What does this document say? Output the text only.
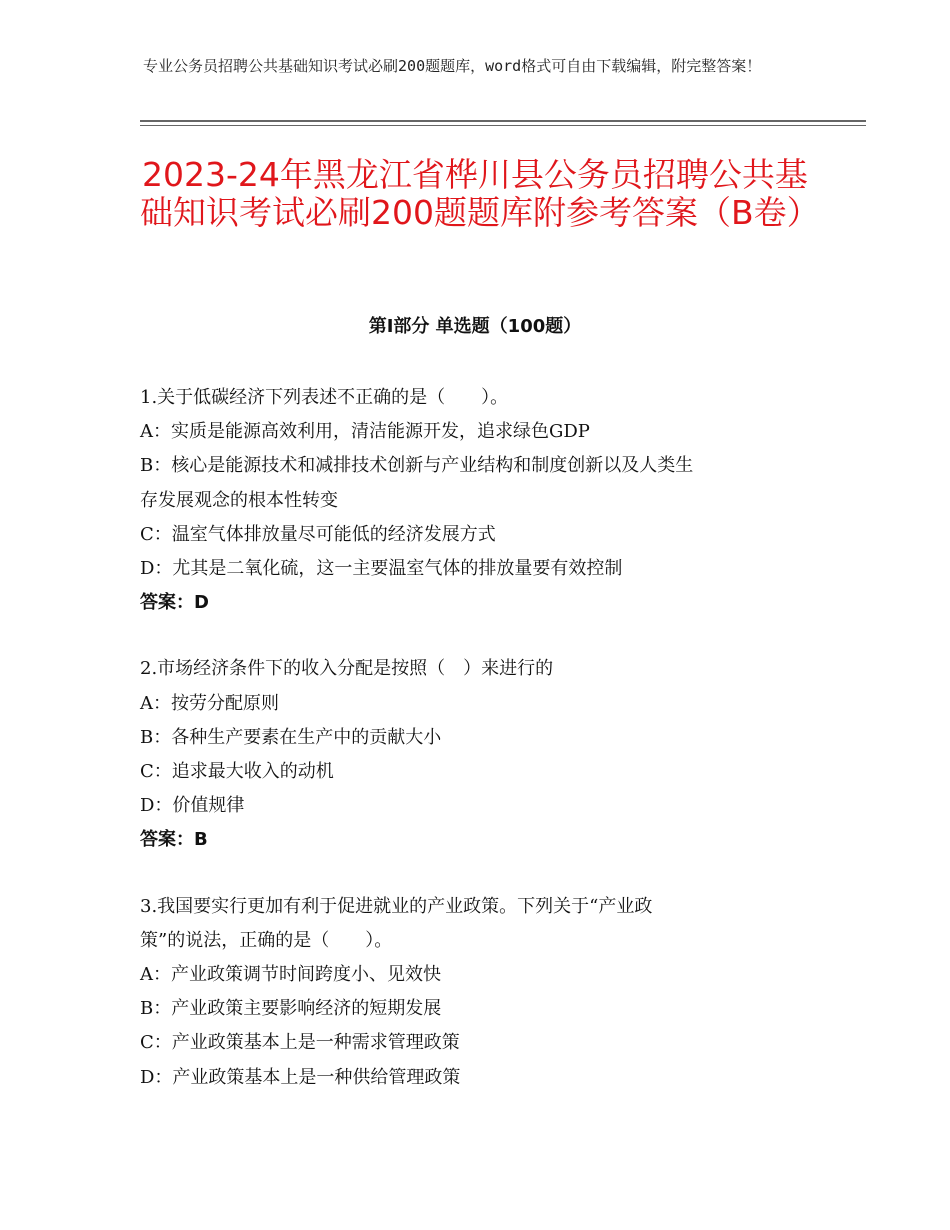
专业公务员招聘公共基础知识考试必刷200题题库，word格式可自由下载编辑，附完整答案！
2023-24年黑龙江省桦川县公务员招聘公共基础知识考试必刷200题题库附参考答案（B卷）
第Ⅰ部分 单选题（100题）
1.关于低碳经济下列表述不正确的是（　　）。
A：实质是能源高效利用，清洁能源开发，追求绿色GDP
B：核心是能源技术和减排技术创新与产业结构和制度创新以及人类生
存发展观念的根本性转变
C：温室气体排放量尽可能低的经济发展方式
D：尤其是二氧化硫，这一主要温室气体的排放量要有效控制
答案：D
2.市场经济条件下的收入分配是按照（　）来进行的
A：按劳分配原则
B：各种生产要素在生产中的贡献大小
C：追求最大收入的动机
D：价值规律
答案：B
3.我国要实行更加有利于促进就业的产业政策。下列关于“产业政
策”的说法，正确的是（　　）。
A：产业政策调节时间跨度小、见效快
B：产业政策主要影响经济的短期发展
C：产业政策基本上是一种需求管理政策
D：产业政策基本上是一种供给管理政策
